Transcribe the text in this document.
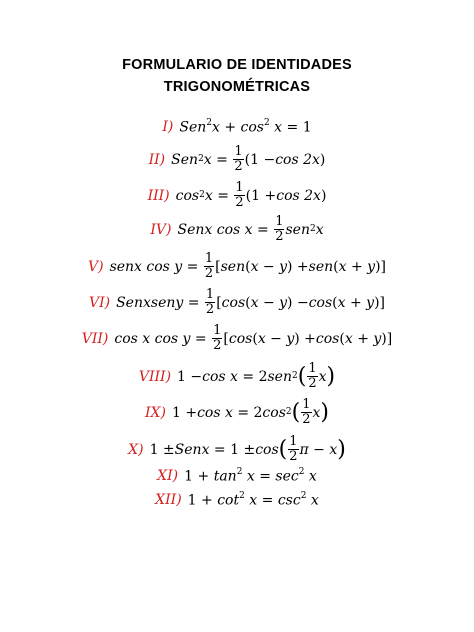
FORMULARIO DE IDENTIDADES
TRIGONOMÉTRICAS
I) $Sen^2x + \cos^2 x = 1$
II) Sen$^2$ $x = \frac{1}{2} (1 - \cos 2x$ )
III) $\cos^2 x = \frac{1}{2} (1 + \cos 2x$ )
IV) Senx $\cos x = \frac{1}{2} sen^2$ x
V) senx $\cos y = \frac{1}{2}$ [ sen ( x − y ) + sen ( x + y )]
VI) Senxseny = $\frac{1}{2}$ [ cos ( x − y ) − cos ( x + y )]
VII) cos x $\cos y = \frac{1}{2}$ [ cos ( x − y ) + cos ( x + y )]
VIII) 1 − cos x = 2 sen$^2$ ( $\frac{1}{2}$ x )
IX) 1 + cos x = 2 $\cos^2$ ( $\frac{1}{2}$ x )
X) 1 ± Senx = 1 ± cos ( $\frac{1}{2}$ π − x )
XI) $1 + \tan^2 x = \sec^2 x$
XII) $1 + \cot^2 x = \csc^2 x$
